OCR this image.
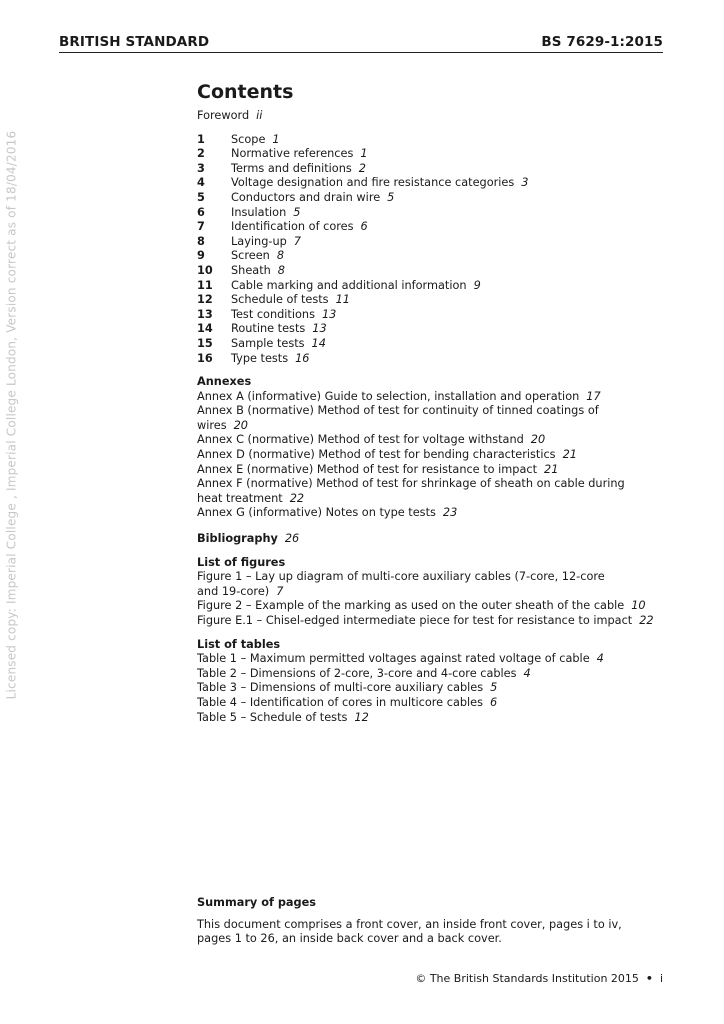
BRITISH STANDARD	BS 7629-1:2015
Licensed copy: Imperial College , Imperial College London, Version correct as of 18/04/2016
Contents
Foreword ii
1	Scope 1
2	Normative references 1
3	Terms and definitions 2
4	Voltage designation and fire resistance categories 3
5	Conductors and drain wire 5
6	Insulation 5
7	Identification of cores 6
8	Laying-up 7
9	Screen 8
10	Sheath 8
11	Cable marking and additional information 9
12	Schedule of tests 11
13	Test conditions 13
14	Routine tests 13
15	Sample tests 14
16	Type tests 16
Annexes
Annex A (informative) Guide to selection, installation and operation 17
Annex B (normative) Method of test for continuity of tinned coatings of
wires 20
Annex C (normative) Method of test for voltage withstand 20
Annex D (normative) Method of test for bending characteristics 21
Annex E (normative) Method of test for resistance to impact 21
Annex F (normative) Method of test for shrinkage of sheath on cable during
heat treatment 22
Annex G (informative) Notes on type tests 23
Bibliography 26
List of figures
Figure 1 – Lay up diagram of multi-core auxiliary cables (7-core, 12-core
and 19-core) 7
Figure 2 – Example of the marking as used on the outer sheath of the cable 10
Figure E.1 – Chisel-edged intermediate piece for test for resistance to impact 22
List of tables
Table 1 – Maximum permitted voltages against rated voltage of cable 4
Table 2 – Dimensions of 2-core, 3-core and 4-core cables 4
Table 3 – Dimensions of multi-core auxiliary cables 5
Table 4 – Identification of cores in multicore cables 6
Table 5 – Schedule of tests 12
Summary of pages
This document comprises a front cover, an inside front cover, pages i to iv, pages 1 to 26, an inside back cover and a back cover.
© The British Standards Institution 2015 • i
